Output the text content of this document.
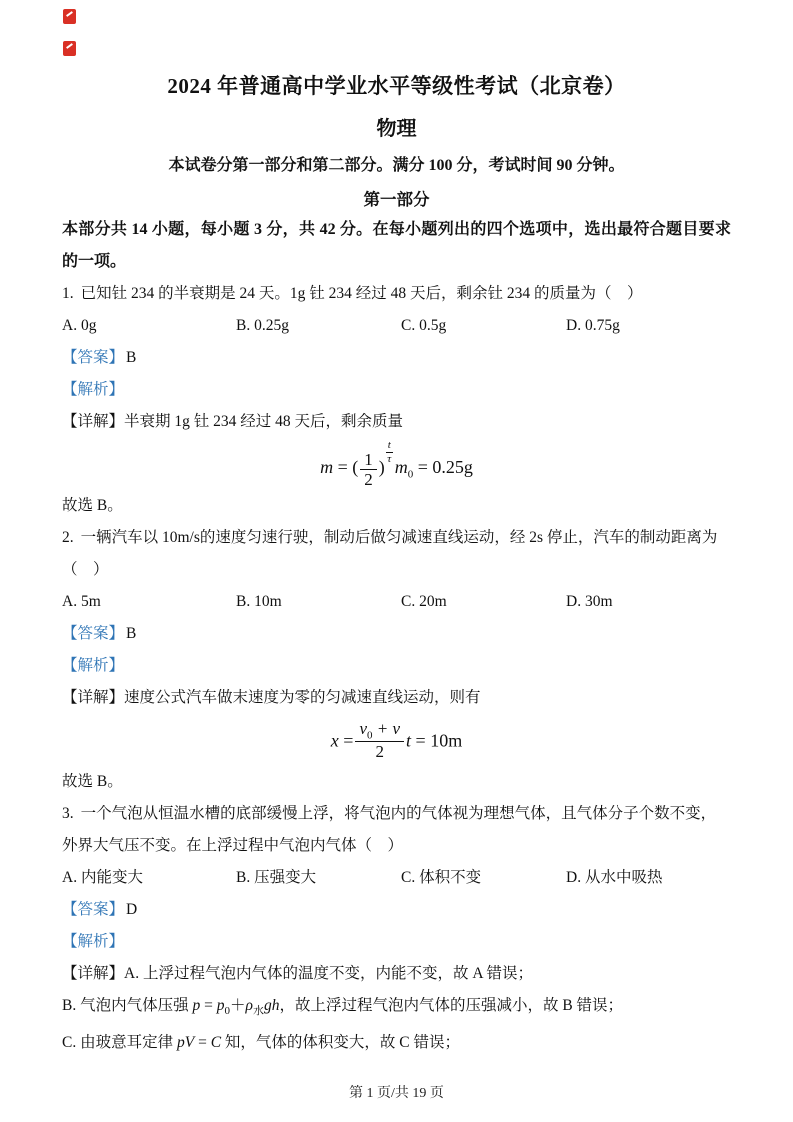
2024 年普通高中学业水平等级性考试（北京卷）
物理
本试卷分第一部分和第二部分。满分 100 分，考试时间 90 分钟。
第一部分
本部分共 14 小题，每小题 3 分，共 42 分。在每小题列出的四个选项中，选出最符合题目要求的一项。
1. 已知钍 234 的半衰期是 24 天。1g 钍 234 经过 48 天后，剩余钍 234 的质量为（　）
A. 0g	B. 0.25g	C. 0.5g	D. 0.75g
【答案】 B
【解析】
【详解】半衰期 1g 钍 234 经过 48 天后，剩余质量
m = ( $\frac{1}{2}$ )
$\frac{t}{\tau}$
$m_0 = 0.25g$
故选 B。
2. 一辆汽车以 10m/s的速度匀速行驶，制动后做匀减速直线运动，经 2s 停止，汽车的制动距离为（　）
A. 5m	B. 10m	C. 20m	D. 30m
【答案】 B
【解析】
【详解】速度公式汽车做末速度为零的匀减速直线运动，则有
$x = \frac{v_0 + v}{2}$ t = 10m
故选 B。
3. 一个气泡从恒温水槽的底部缓慢上浮，将气泡内的气体视为理想气体，且气体分子个数不变，外界大气压不变。在上浮过程中气泡内气体（　）
A. 内能变大	B. 压强变大	C. 体积不变	D. 从水中吸热
【答案】 D
【解析】
【详解】A. 上浮过程气泡内气体的温度不变，内能不变，故 A 错误；
B. 气泡内气体压强 $p = p_0+\rho_水gh$，故上浮过程气泡内气体的压强减小，故 B 错误；
C. 由玻意耳定律 pV = C 知，气体的体积变大，故 C 错误；
第 1 页/共 19 页
